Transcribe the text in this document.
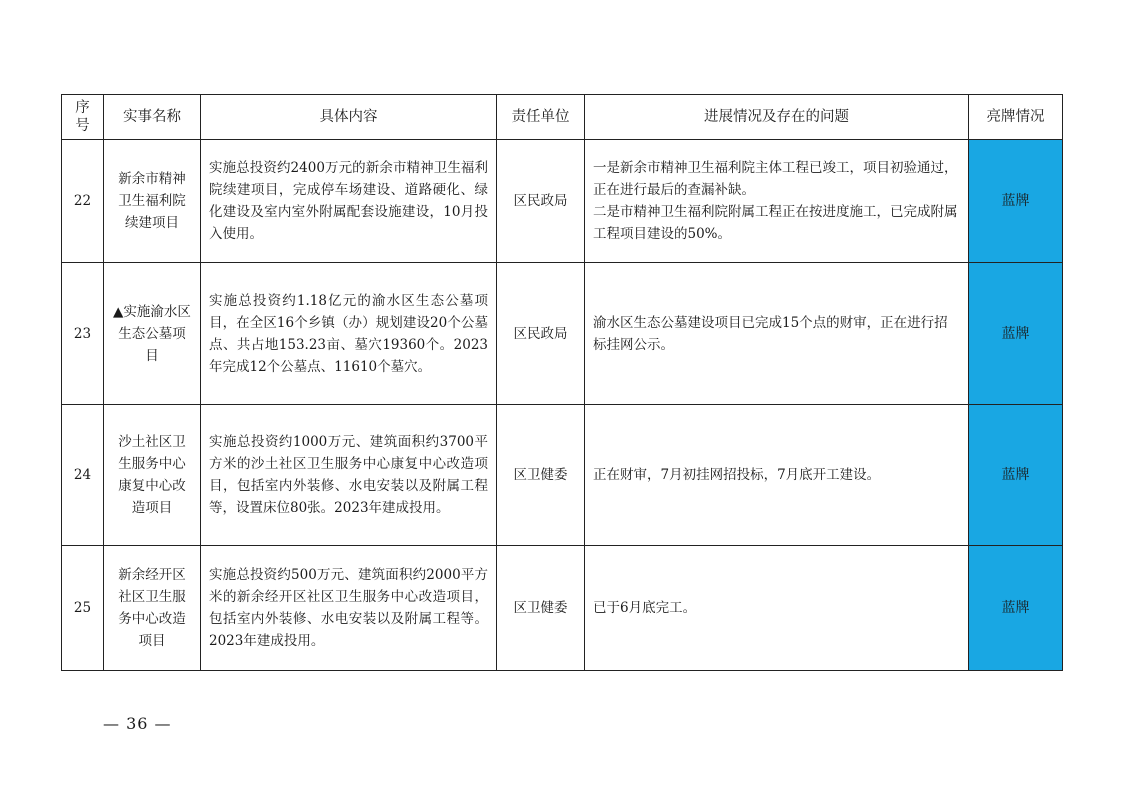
序
号	实事名称	具体内容	责任单位	进展情况及存在的问题	亮牌情况
22	新余市精神卫生福利院续建项目	实施总投资约2400万元的新余市精神卫生福利院续建项目，完成停车场建设、道路硬化、绿化建设及室内室外附属配套设施建设，10月投入使用。	区民政局	一是新余市精神卫生福利院主体工程已竣工，项目初验通过，正在进行最后的查漏补缺。
二是市精神卫生福利院附属工程正在按进度施工，已完成附属工程项目建设的50%。	蓝牌
23	▲实施渝水区生态公墓项目	实施总投资约1.18亿元的渝水区生态公墓项目，在全区16个乡镇（办）规划建设20个公墓点、共占地153.23亩、墓穴19360个。2023年完成12个公墓点、11610个墓穴。	区民政局	渝水区生态公墓建设项目已完成15个点的财审，正在进行招标挂网公示。	蓝牌
24	沙土社区卫生服务中心康复中心改造项目	实施总投资约1000万元、建筑面积约3700平方米的沙土社区卫生服务中心康复中心改造项目，包括室内外装修、水电安装以及附属工程等，设置床位80张。2023年建成投用。	区卫健委	正在财审，7月初挂网招投标，7月底开工建设。	蓝牌
25	新余经开区社区卫生服务中心改造项目	实施总投资约500万元、建筑面积约2000平方米的新余经开区社区卫生服务中心改造项目，包括室内外装修、水电安装以及附属工程等。2023年建成投用。	区卫健委	已于6月底完工。	蓝牌
— 36 —
